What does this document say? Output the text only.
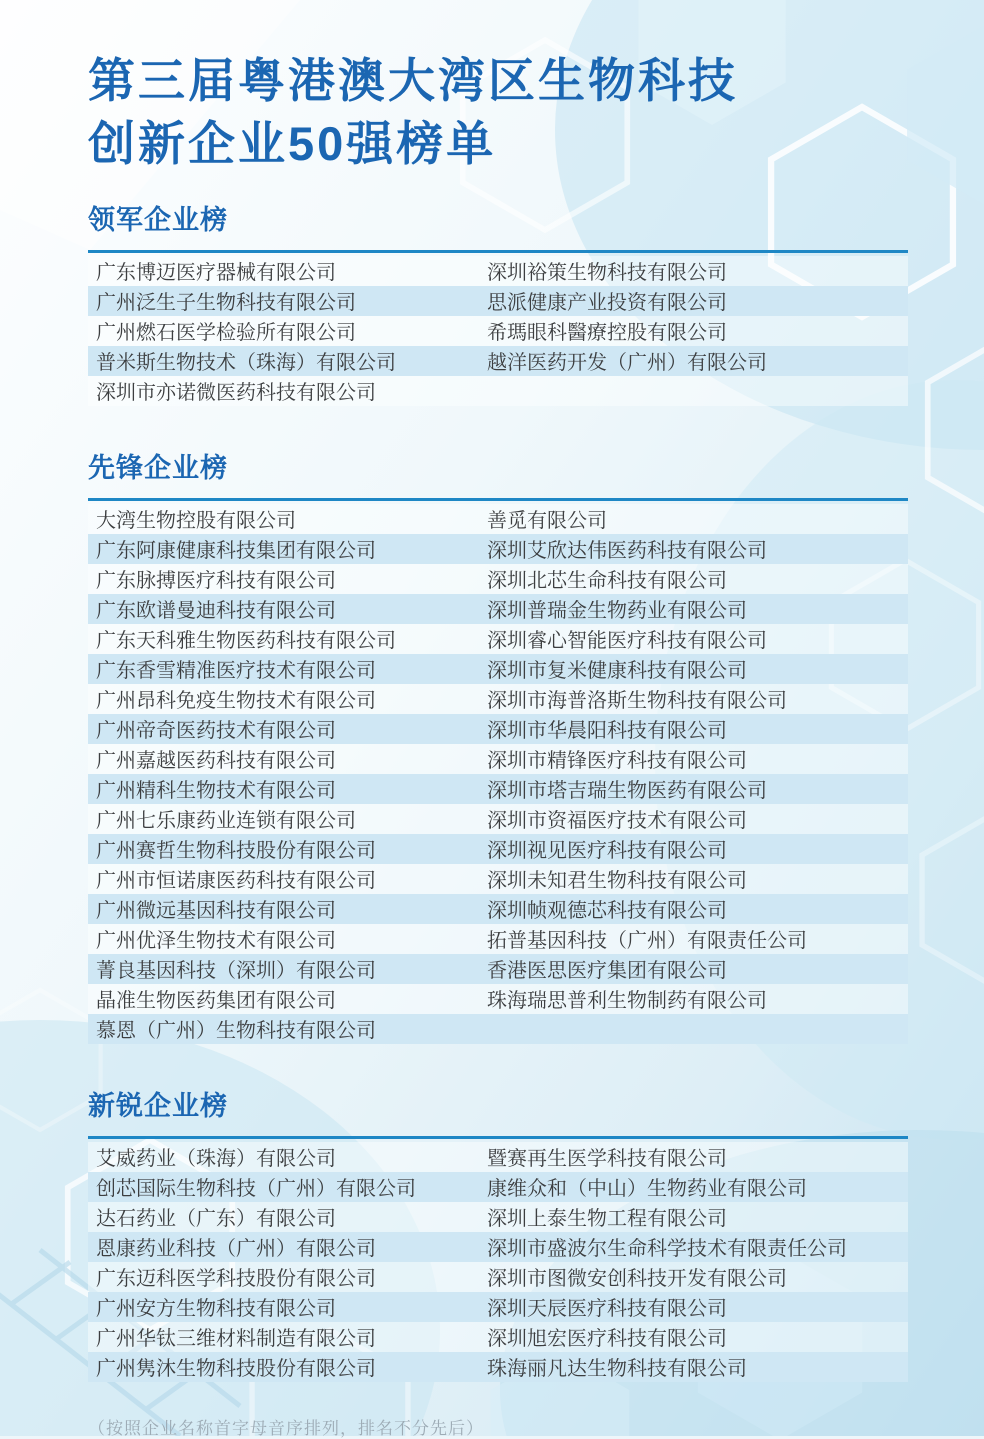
第三届粤港澳大湾区生物科技
创新企业50强榜单
领军企业榜
广东博迈医疗器械有限公司	深圳裕策生物科技有限公司
广州泛生子生物科技有限公司	思派健康产业投资有限公司
广州燃石医学检验所有限公司	希瑪眼科醫療控股有限公司
普米斯生物技术（珠海）有限公司	越洋医药开发（广州）有限公司
深圳市亦诺微医药科技有限公司
先锋企业榜
大湾生物控股有限公司	善觅有限公司
广东阿康健康科技集团有限公司	深圳艾欣达伟医药科技有限公司
广东脉搏医疗科技有限公司	深圳北芯生命科技有限公司
广东欧谱曼迪科技有限公司	深圳普瑞金生物药业有限公司
广东天科雅生物医药科技有限公司	深圳睿心智能医疗科技有限公司
广东香雪精准医疗技术有限公司	深圳市复米健康科技有限公司
广州昂科免疫生物技术有限公司	深圳市海普洛斯生物科技有限公司
广州帝奇医药技术有限公司	深圳市华晨阳科技有限公司
广州嘉越医药科技有限公司	深圳市精锋医疗科技有限公司
广州精科生物技术有限公司	深圳市塔吉瑞生物医药有限公司
广州七乐康药业连锁有限公司	深圳市资福医疗技术有限公司
广州赛哲生物科技股份有限公司	深圳视见医疗科技有限公司
广州市恒诺康医药科技有限公司	深圳未知君生物科技有限公司
广州微远基因科技有限公司	深圳帧观德芯科技有限公司
广州优泽生物技术有限公司	拓普基因科技（广州）有限责任公司
菁良基因科技（深圳）有限公司	香港医思医疗集团有限公司
晶准生物医药集团有限公司	珠海瑞思普利生物制药有限公司
慕恩（广州）生物科技有限公司
新锐企业榜
艾威药业（珠海）有限公司	暨赛再生医学科技有限公司
创芯国际生物科技（广州）有限公司	康维众和（中山）生物药业有限公司
达石药业（广东）有限公司	深圳上泰生物工程有限公司
恩康药业科技（广州）有限公司	深圳市盛波尔生命科学技术有限责任公司
广东迈科医学科技股份有限公司	深圳市图微安创科技开发有限公司
广州安方生物科技有限公司	深圳天辰医疗科技有限公司
广州华钛三维材料制造有限公司	深圳旭宏医疗科技有限公司
广州隽沐生物科技股份有限公司	珠海丽凡达生物科技有限公司
（按照企业名称首字母音序排列，排名不分先后）
